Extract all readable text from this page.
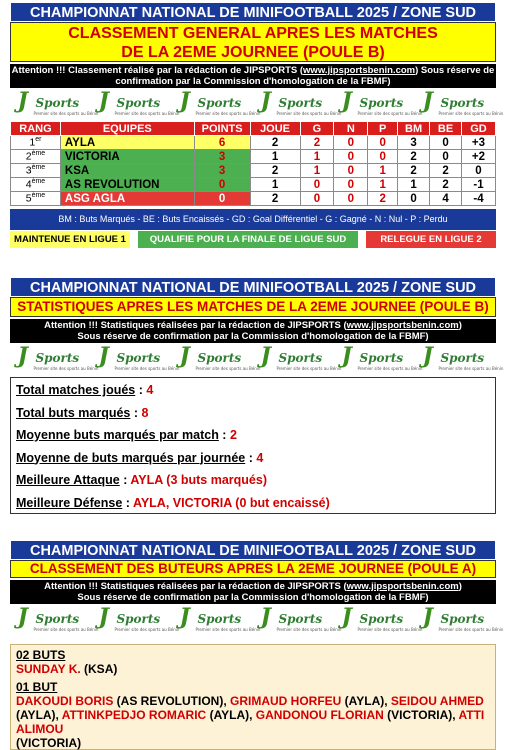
CHAMPIONNAT NATIONAL DE MINIFOOTBALL 2025 / ZONE SUD
CLASSEMENT GENERAL APRES LES MATCHES
DE LA 2EME JOURNEE (POULE B)
Attention !!! Classement réalisé par la rédaction de JIPSPORTS (www.jipsportsbenin.com) Sous réserve de
confirmation par la Commission d'homologation de la FBMF)
J Sports
Premier site des sports au Bénin J Sports
Premier site des sports au Bénin J Sports
Premier site des sports au Bénin J Sports
Premier site des sports au Bénin J Sports
Premier site des sports au Bénin J Sports
Premier site des sports au Bénin
RANG	EQUIPES	POINTS	JOUE	G	N	P	BM	BE	GD
1er	AYLA	6	2	2	0	0	3	0	+3
2ème	VICTORIA	3	1	1	0	0	2	0	+2
3ème	KSA	3	2	1	0	1	2	2	0
4ème	AS REVOLUTION	0	1	0	0	1	1	2	-1
5ème	ASG AGLA	0	2	0	0	2	0	4	-4
BM : Buts Marqués - BE : Buts Encaissés - GD : Goal Différentiel - G : Gagné - N : Nul - P : Perdu
MAINTENUE EN LIGUE 1	QUALIFIE POUR LA FINALE DE LIGUE SUD	RELEGUE EN LIGUE 2
CHAMPIONNAT NATIONAL DE MINIFOOTBALL 2025 / ZONE SUD
STATISTIQUES APRES LES MATCHES DE LA 2EME JOURNEE (POULE B)
Attention !!! Statistiques réalisées par la rédaction de JIPSPORTS (www.jipsportsbenin.com)
Sous réserve de confirmation par la Commission d'homologation de la FBMF)
J Sports
Premier site des sports au Bénin J Sports
Premier site des sports au Bénin J Sports
Premier site des sports au Bénin J Sports
Premier site des sports au Bénin J Sports
Premier site des sports au Bénin J Sports
Premier site des sports au Bénin
Total matches joués : 4
Total buts marqués : 8
Moyenne buts marqués par match : 2
Moyenne de buts marqués par journée : 4
Meilleure Attaque : AYLA (3 buts marqués)
Meilleure Défense : AYLA, VICTORIA (0 but encaissé)
CHAMPIONNAT NATIONAL DE MINIFOOTBALL 2025 / ZONE SUD
CLASSEMENT DES BUTEURS APRES LA 2EME JOURNEE (POULE A)
Attention !!! Statistiques réalisées par la rédaction de JIPSPORTS (www.jipsportsbenin.com)
Sous réserve de confirmation par la Commission d'homologation de la FBMF)
J Sports
Premier site des sports au Bénin J Sports
Premier site des sports au Bénin J Sports
Premier site des sports au Bénin J Sports
Premier site des sports au Bénin J Sports
Premier site des sports au Bénin J Sports
Premier site des sports au Bénin
02 BUTS
SUNDAY K. (KSA)
01 BUT
DAKOUDI BORIS (AS REVOLUTION), GRIMAUD HORFEU (AYLA), SEIDOU AHMED (AYLA), ATTINKPEDJO ROMARIC (AYLA), GANDONOU FLORIAN (VICTORIA), ATTI ALIMOU
(VICTORIA)
